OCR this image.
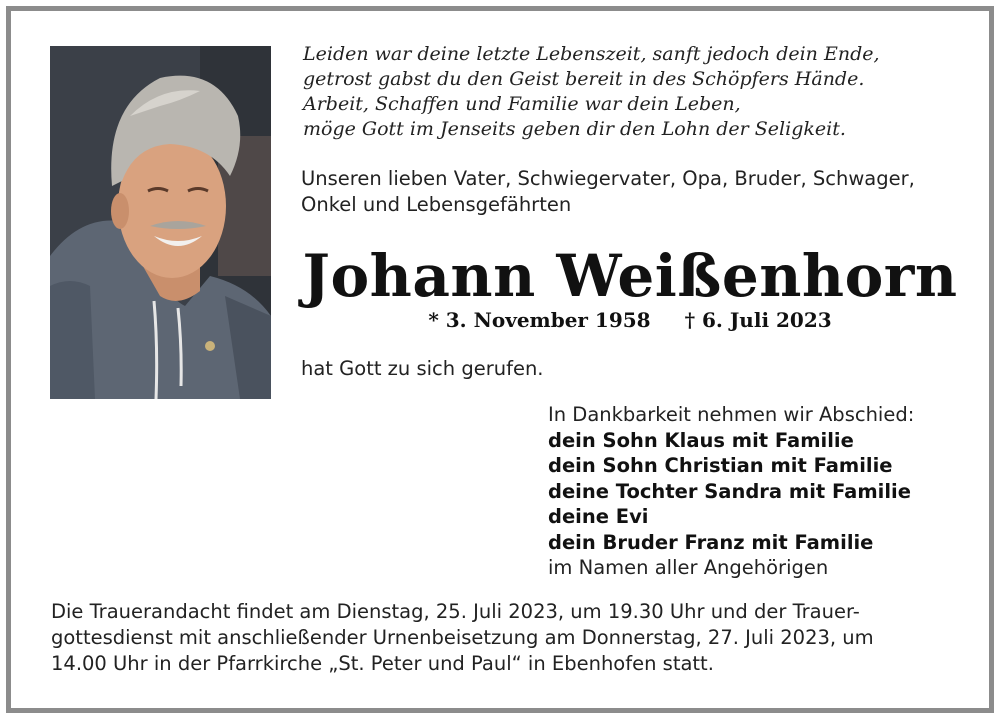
Leiden war deine letzte Lebenszeit, sanft jedoch dein Ende,
getrost gabst du den Geist bereit in des Schöpfers Hände.
Arbeit, Schaffen und Familie war dein Leben,
möge Gott im Jenseits geben dir den Lohn der Seligkeit.
Unseren lieben Vater, Schwiegervater, Opa, Bruder, Schwager,
Onkel und Lebensgefährten
Johann Weißenhorn
* 3. November 1958 † 6. Juli 2023
hat Gott zu sich gerufen.
In Dankbarkeit nehmen wir Abschied:
dein Sohn Klaus mit Familie
dein Sohn Christian mit Familie
deine Tochter Sandra mit Familie
deine Evi
dein Bruder Franz mit Familie
im Namen aller Angehörigen
Die Trauerandacht findet am Dienstag, 25. Juli 2023, um 19.30 Uhr und der Trauer-
gottesdienst mit anschließender Urnenbeisetzung am Donnerstag, 27. Juli 2023, um
14.00 Uhr in der Pfarrkirche „St. Peter und Paul“ in Ebenhofen statt.
